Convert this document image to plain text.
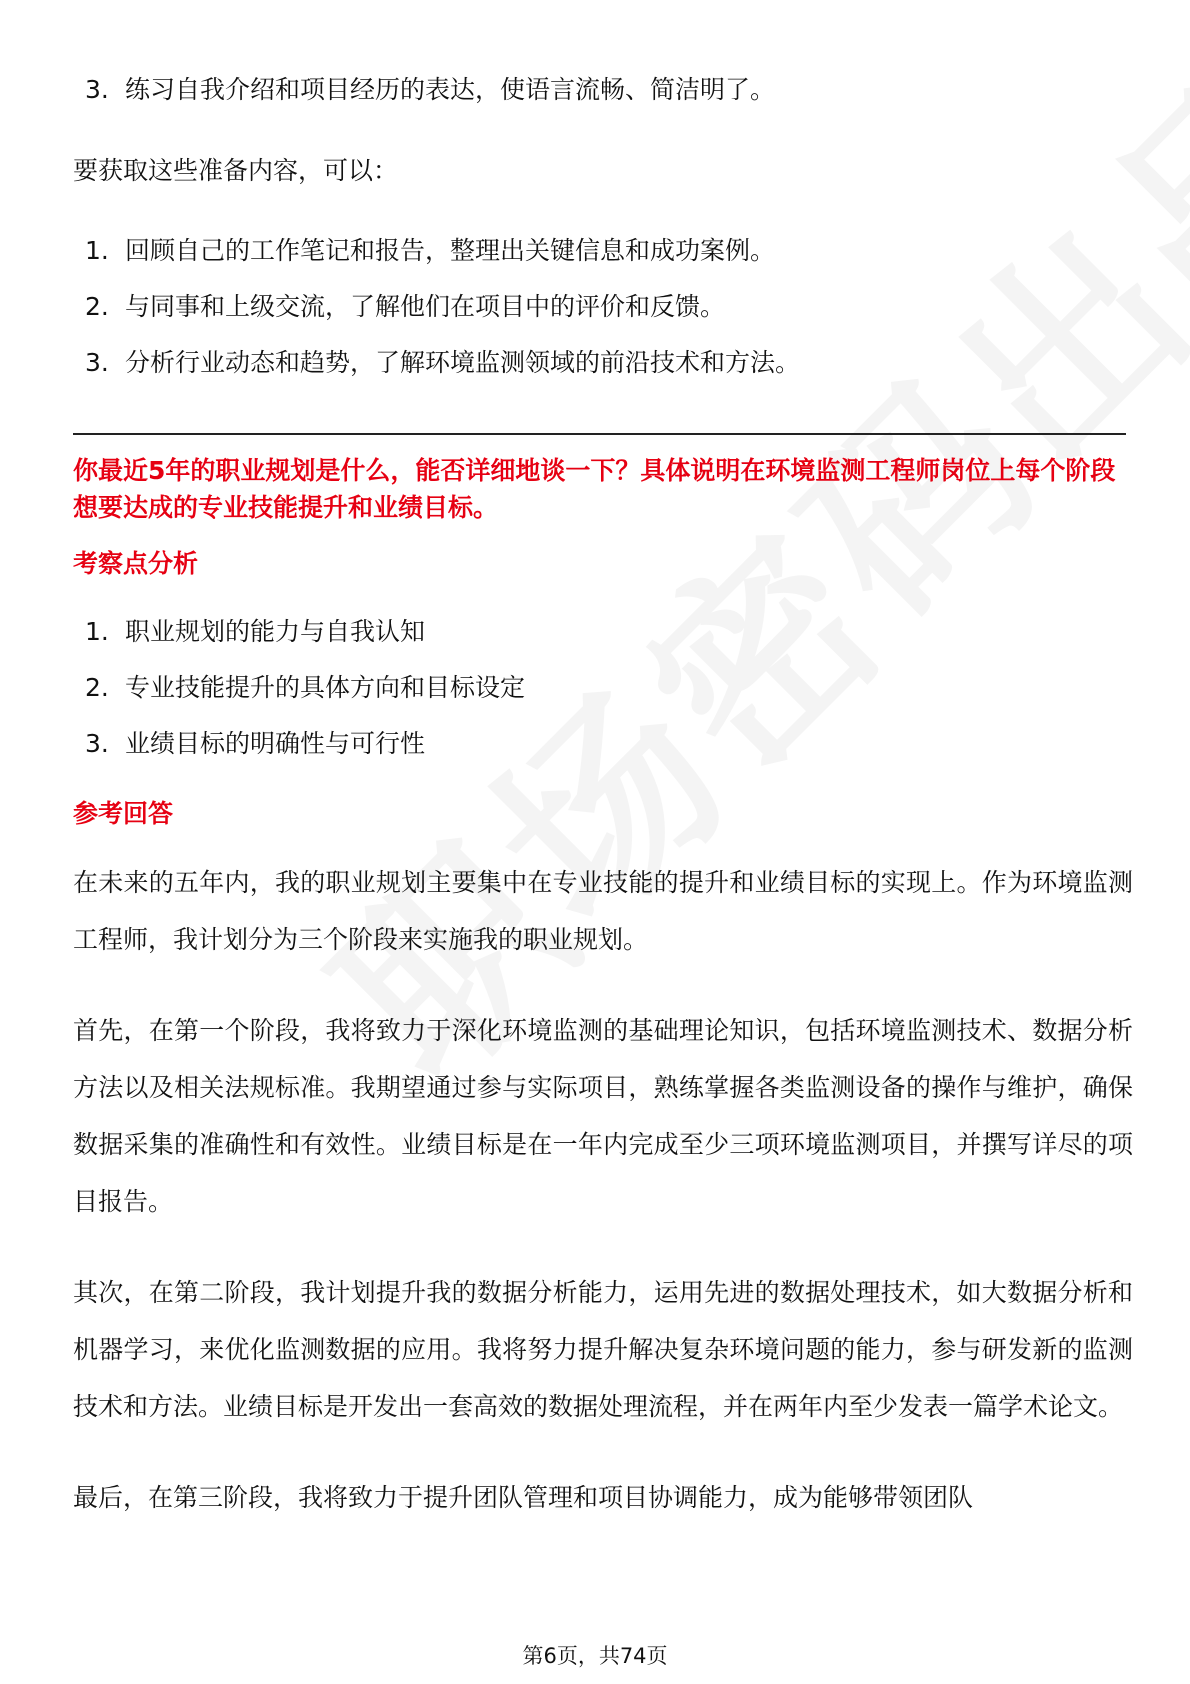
3. 练习自我介绍和项目经历的表达，使语言流畅、简洁明了。

要获取这些准备内容，可以：

1. 回顾自己的工作笔记和报告，整理出关键信息和成功案例。
2. 与同事和上级交流，了解他们在项目中的评价和反馈。
3. 分析行业动态和趋势，了解环境监测领域的前沿技术和方法。

你最近5年的职业规划是什么，能否详细地谈一下？具体说明在环境监测工程师岗位上每个阶段想要达成的专业技能提升和业绩目标。

考察点分析

1. 职业规划的能力与自我认知
2. 专业技能提升的具体方向和目标设定
3. 业绩目标的明确性与可行性

参考回答

在未来的五年内，我的职业规划主要集中在专业技能的提升和业绩目标的实现上。作为环境监测工程师，我计划分为三个阶段来实施我的职业规划。

首先，在第一个阶段，我将致力于深化环境监测的基础理论知识，包括环境监测技术、数据分析方法以及相关法规标准。我期望通过参与实际项目，熟练掌握各类监测设备的操作与维护，确保数据采集的准确性和有效性。业绩目标是在一年内完成至少三项环境监测项目，并撰写详尽的项目报告。

其次，在第二阶段，我计划提升我的数据分析能力，运用先进的数据处理技术，如大数据分析和机器学习，来优化监测数据的应用。我将努力提升解决复杂环境问题的能力，参与研发新的监测技术和方法。业绩目标是开发出一套高效的数据处理流程，并在两年内至少发表一篇学术论文。

最后，在第三阶段，我将致力于提升团队管理和项目协调能力，成为能够带领团队

第6页，共74页
